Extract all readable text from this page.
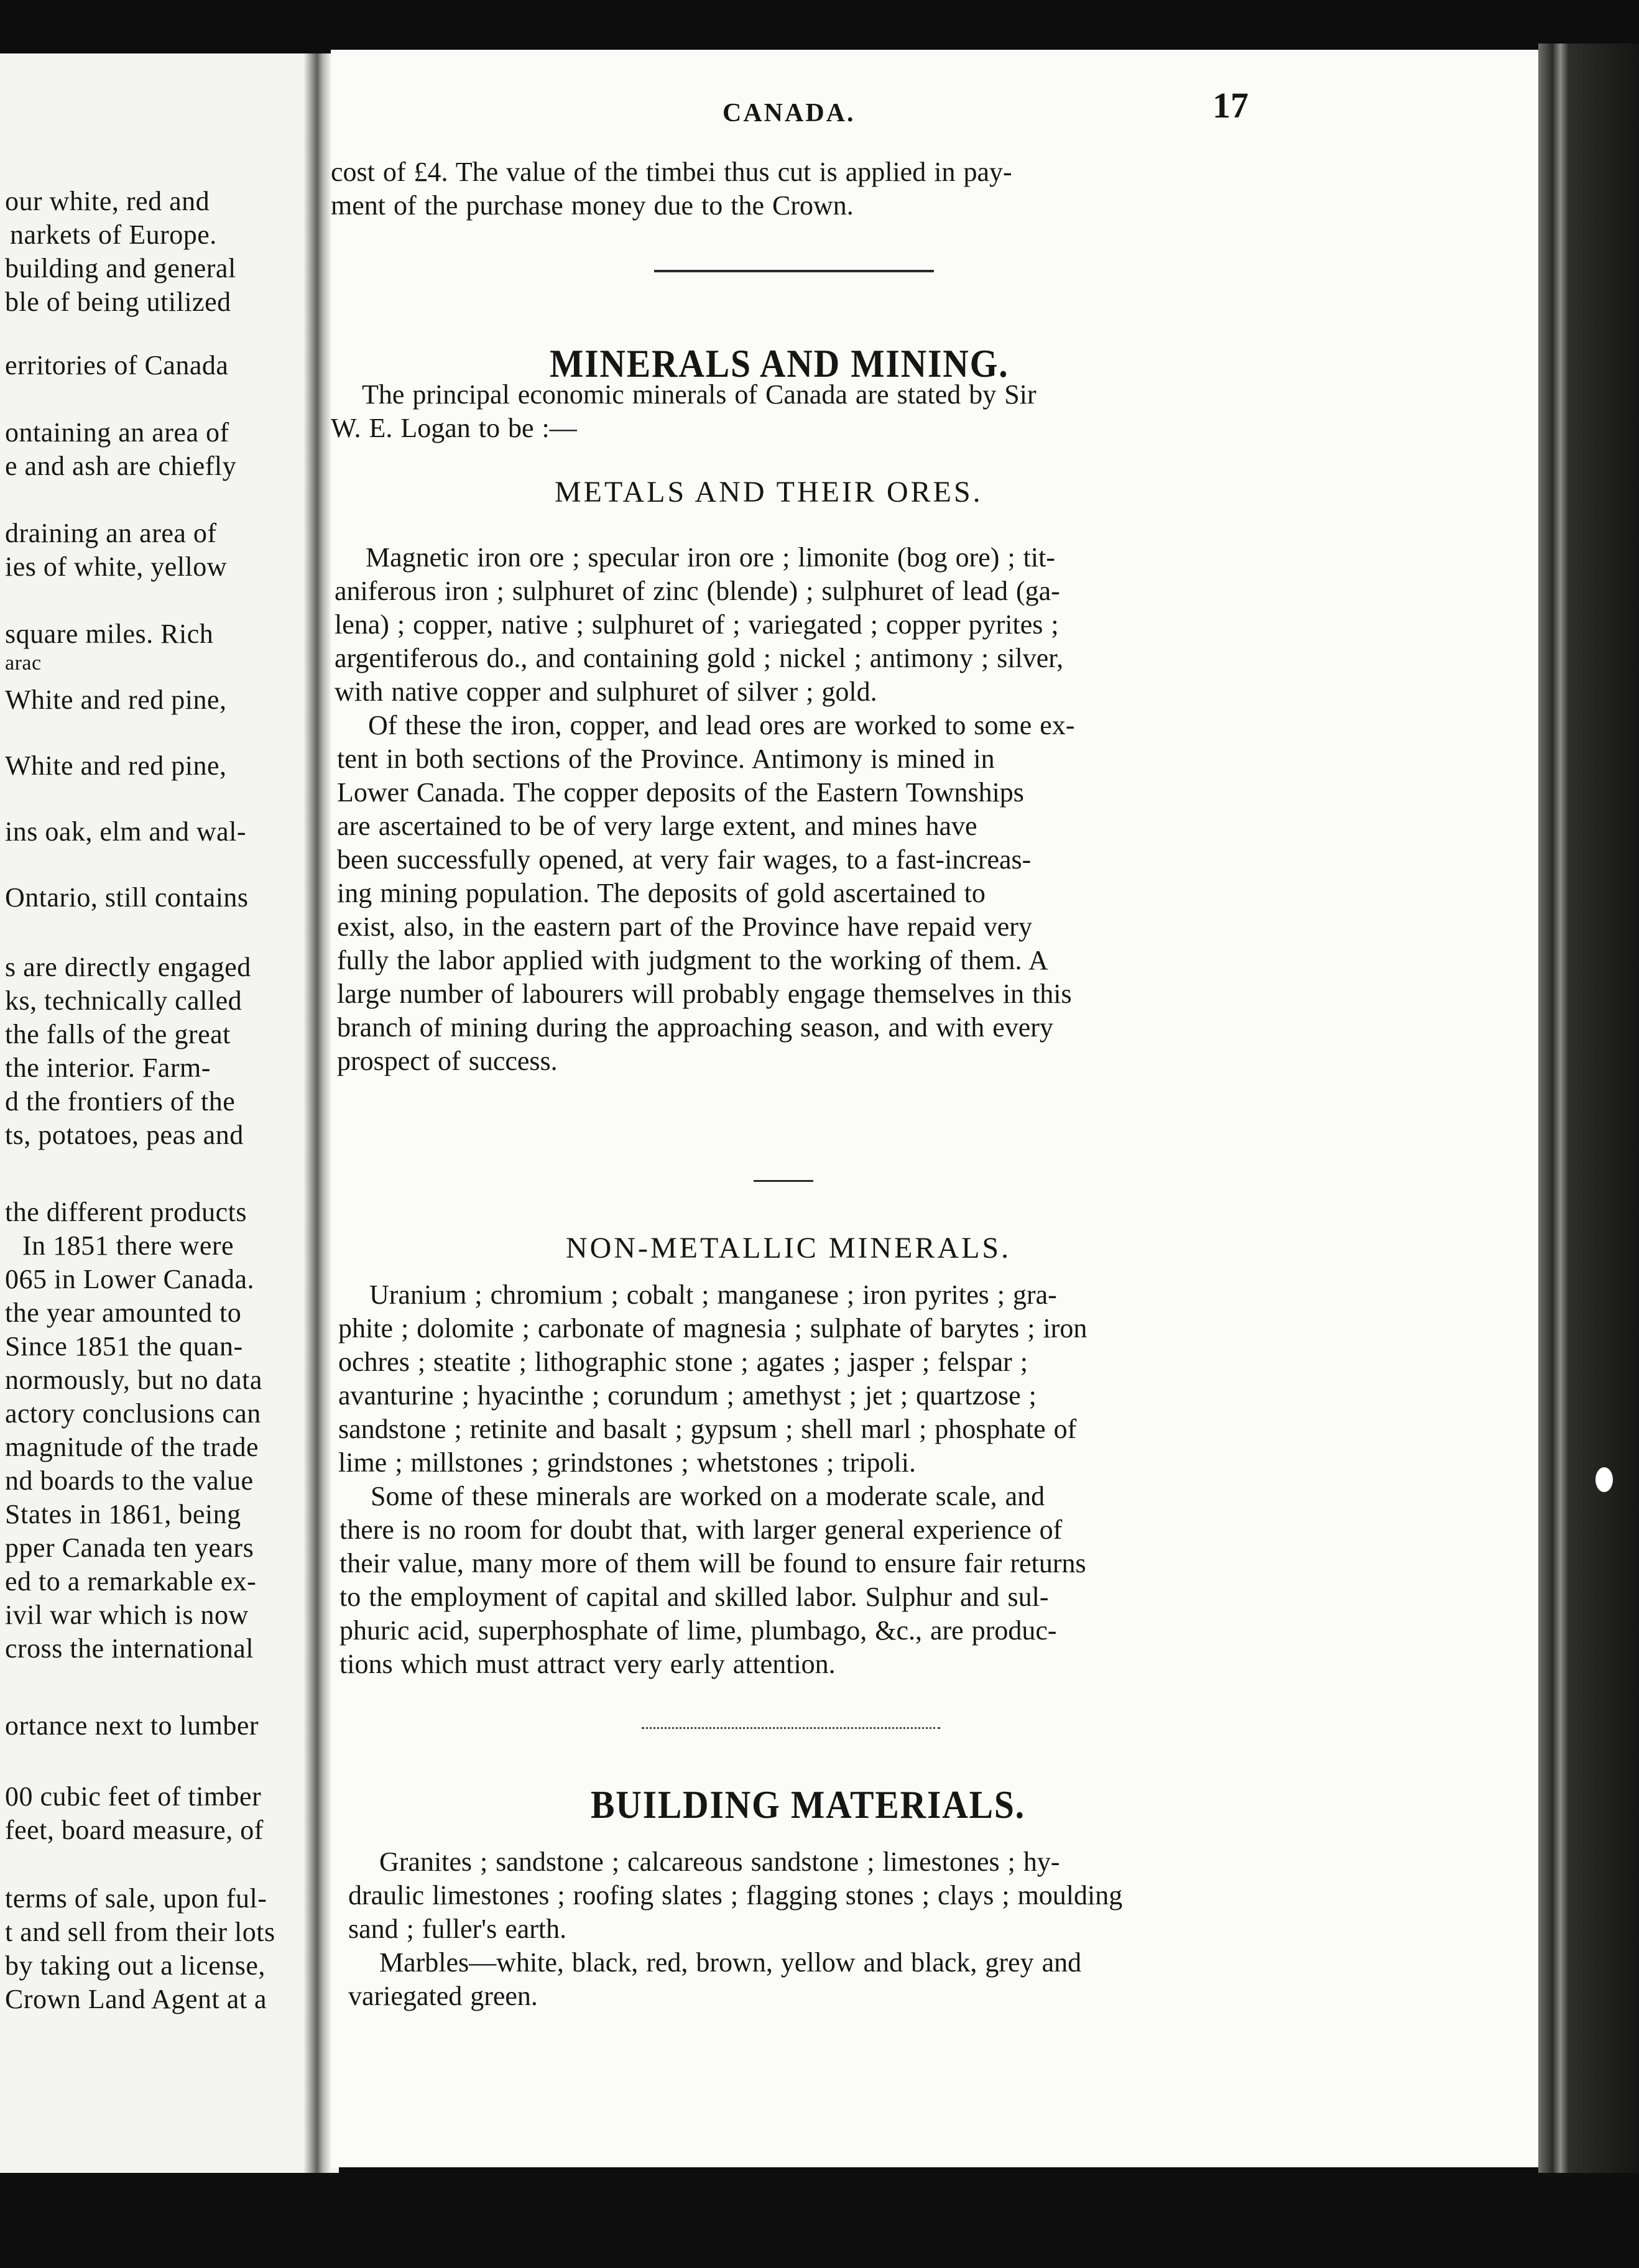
our white, red and
narkets of Europe.
building and general
ble of being utilized
erritories of Canada
ontaining an area of
e and ash are chiefly
draining an area of
ies of white, yellow
square miles. Rich
arac
White and red pine,
White and red pine,
ins oak, elm and wal-
Ontario, still contains
s are directly engaged
ks, technically called
the falls of the great
the interior. Farm-
d the frontiers of the
ts, potatoes, peas and
the different products
In 1851 there were
065 in Lower Canada.
the year amounted to
Since 1851 the quan-
normously, but no data
actory conclusions can
magnitude of the trade
nd boards to the value
States in 1861, being
pper Canada ten years
ed to a remarkable ex-
ivil war which is now
cross the international
ortance next to lumber
00 cubic feet of timber
feet, board measure, of
terms of sale, upon ful-
t and sell from their lots
by taking out a license,
Crown Land Agent at a
CANADA.	17
cost of £4. The value of the timbei thus cut is applied in pay-
ment of the purchase money due to the Crown.
MINERALS AND MINING.
The principal economic minerals of Canada are stated by Sir
W. E. Logan to be :—
METALS AND THEIR ORES.
Magnetic iron ore ; specular iron ore ; limonite (bog ore) ; tit-
aniferous iron ; sulphuret of zinc (blende) ; sulphuret of lead (ga-
lena) ; copper, native ; sulphuret of ; variegated ; copper pyrites ;
argentiferous do., and containing gold ; nickel ; antimony ; silver,
with native copper and sulphuret of silver ; gold.
Of these the iron, copper, and lead ores are worked to some ex-
tent in both sections of the Province. Antimony is mined in
Lower Canada. The copper deposits of the Eastern Townships
are ascertained to be of very large extent, and mines have
been successfully opened, at very fair wages, to a fast-increas-
ing mining population. The deposits of gold ascertained to
exist, also, in the eastern part of the Province have repaid very
fully the labor applied with judgment to the working of them. A
large number of labourers will probably engage themselves in this
branch of mining during the approaching season, and with every
prospect of success.
NON-METALLIC MINERALS.
Uranium ; chromium ; cobalt ; manganese ; iron pyrites ; gra-
phite ; dolomite ; carbonate of magnesia ; sulphate of barytes ; iron
ochres ; steatite ; lithographic stone ; agates ; jasper ; felspar ;
avanturine ; hyacinthe ; corundum ; amethyst ; jet ; quartzose ;
sandstone ; retinite and basalt ; gypsum ; shell marl ; phosphate of
lime ; millstones ; grindstones ; whetstones ; tripoli.
Some of these minerals are worked on a moderate scale, and
there is no room for doubt that, with larger general experience of
their value, many more of them will be found to ensure fair returns
to the employment of capital and skilled labor. Sulphur and sul-
phuric acid, superphosphate of lime, plumbago, &c., are produc-
tions which must attract very early attention.
BUILDING MATERIALS.
Granites ; sandstone ; calcareous sandstone ; limestones ; hy-
draulic limestones ; roofing slates ; flagging stones ; clays ; moulding
sand ; fuller's earth.
Marbles—white, black, red, brown, yellow and black, grey and
variegated green.
